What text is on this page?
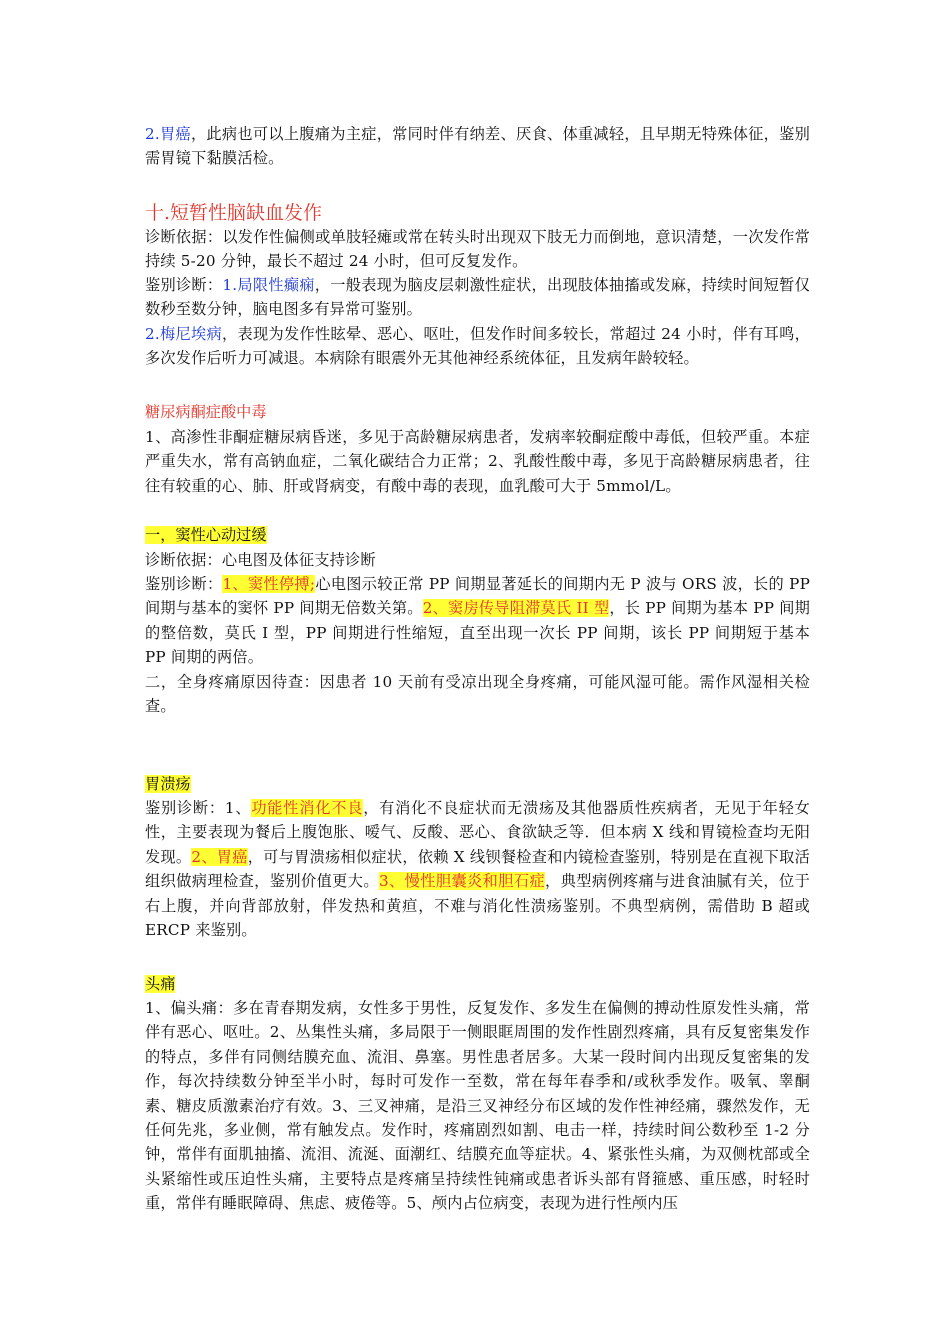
2.胃癌，此病也可以上腹痛为主症，常同时伴有纳差、厌食、体重减轻，且早期无特殊体征，鉴别需胃镜下黏膜活检。

十.短暂性脑缺血发作

诊断依据：以发作性偏侧或单肢轻瘫或常在转头时出现双下肢无力而倒地，意识清楚，一次发作常持续 5-20 分钟，最长不超过 24 小时，但可反复发作。

鉴别诊断：1.局限性癫痫，一般表现为脑皮层刺激性症状，出现肢体抽搐或发麻，持续时间短暂仅数秒至数分钟，脑电图多有异常可鉴别。

2.梅尼埃病，表现为发作性眩晕、恶心、呕吐，但发作时间多较长，常超过 24 小时，伴有耳鸣，多次发作后听力可减退。本病除有眼震外无其他神经系统体征，且发病年龄较轻。

糖尿病酮症酸中毒

1、高渗性非酮症糖尿病昏迷，多见于高龄糖尿病患者，发病率较酮症酸中毒低，但较严重。本症严重失水，常有高钠血症，二氧化碳结合力正常；2、乳酸性酸中毒，多见于高龄糖尿病患者，往往有较重的心、肺、肝或肾病变，有酸中毒的表现，血乳酸可大于 5mmol/L。

一，窦性心动过缓

诊断依据：心电图及体征支持诊断

鉴别诊断：1、窦性停搏;心电图示较正常 PP 间期显著延长的间期内无 P 波与 ORS 波，长的 PP 间期与基本的窦怀 PP 间期无倍数关第。2、窦房传导阻滞莫氏 II 型，长 PP 间期为基本 PP 间期的整倍数，莫氏 I 型，PP 间期进行性缩短，直至出现一次长 PP 间期，该长 PP 间期短于基本 PP 间期的两倍。

二，全身疼痛原因待查：因患者 10 天前有受凉出现全身疼痛，可能风湿可能。需作风湿相关检查。

胃溃疡

鉴别诊断：1、功能性消化不良，有消化不良症状而无溃疡及其他器质性疾病者，无见于年轻女性，主要表现为餐后上腹饱胀、嗳气、反酸、恶心、食欲缺乏等．但本病 X 线和胃镜检查均无阳发现。2、胃癌，可与胃溃疡相似症状，依赖 X 线钡餐检查和内镜检查鉴别，特别是在直视下取活组织做病理检查，鉴别价值更大。3、慢性胆囊炎和胆石症，典型病例疼痛与进食油腻有关，位于右上腹，并向背部放射，伴发热和黄疸，不难与消化性溃疡鉴别。不典型病例，需借助 B 超或 ERCP 来鉴别。

头痛

1、偏头痛：多在青春期发病，女性多于男性，反复发作、多发生在偏侧的搏动性原发性头痛，常伴有恶心、呕吐。2、丛集性头痛，多局限于一侧眼眶周围的发作性剧烈疼痛，具有反复密集发作的特点，多伴有同侧结膜充血、流泪、鼻塞。男性患者居多。大某一段时间内出现反复密集的发作，每次持续数分钟至半小时，每时可发作一至数，常在每年春季和/或秋季发作。吸氧、睾酮素、糖皮质激素治疗有效。3、三叉神痛，是沿三叉神经分布区域的发作性神经痛，骤然发作，无任何先兆，多业侧，常有触发点。发作时，疼痛剧烈如割、电击一样，持续时间公数秒至 1-2 分钟，常伴有面肌抽搐、流泪、流涎、面潮红、结膜充血等症状。4、紧张性头痛，为双侧枕部或全头紧缩性或压迫性头痛，主要特点是疼痛呈持续性钝痛或患者诉头部有肾箍感、重压感，时轻时重，常伴有睡眠障碍、焦虑、疲倦等。5、颅内占位病变，表现为进行性颅内压
